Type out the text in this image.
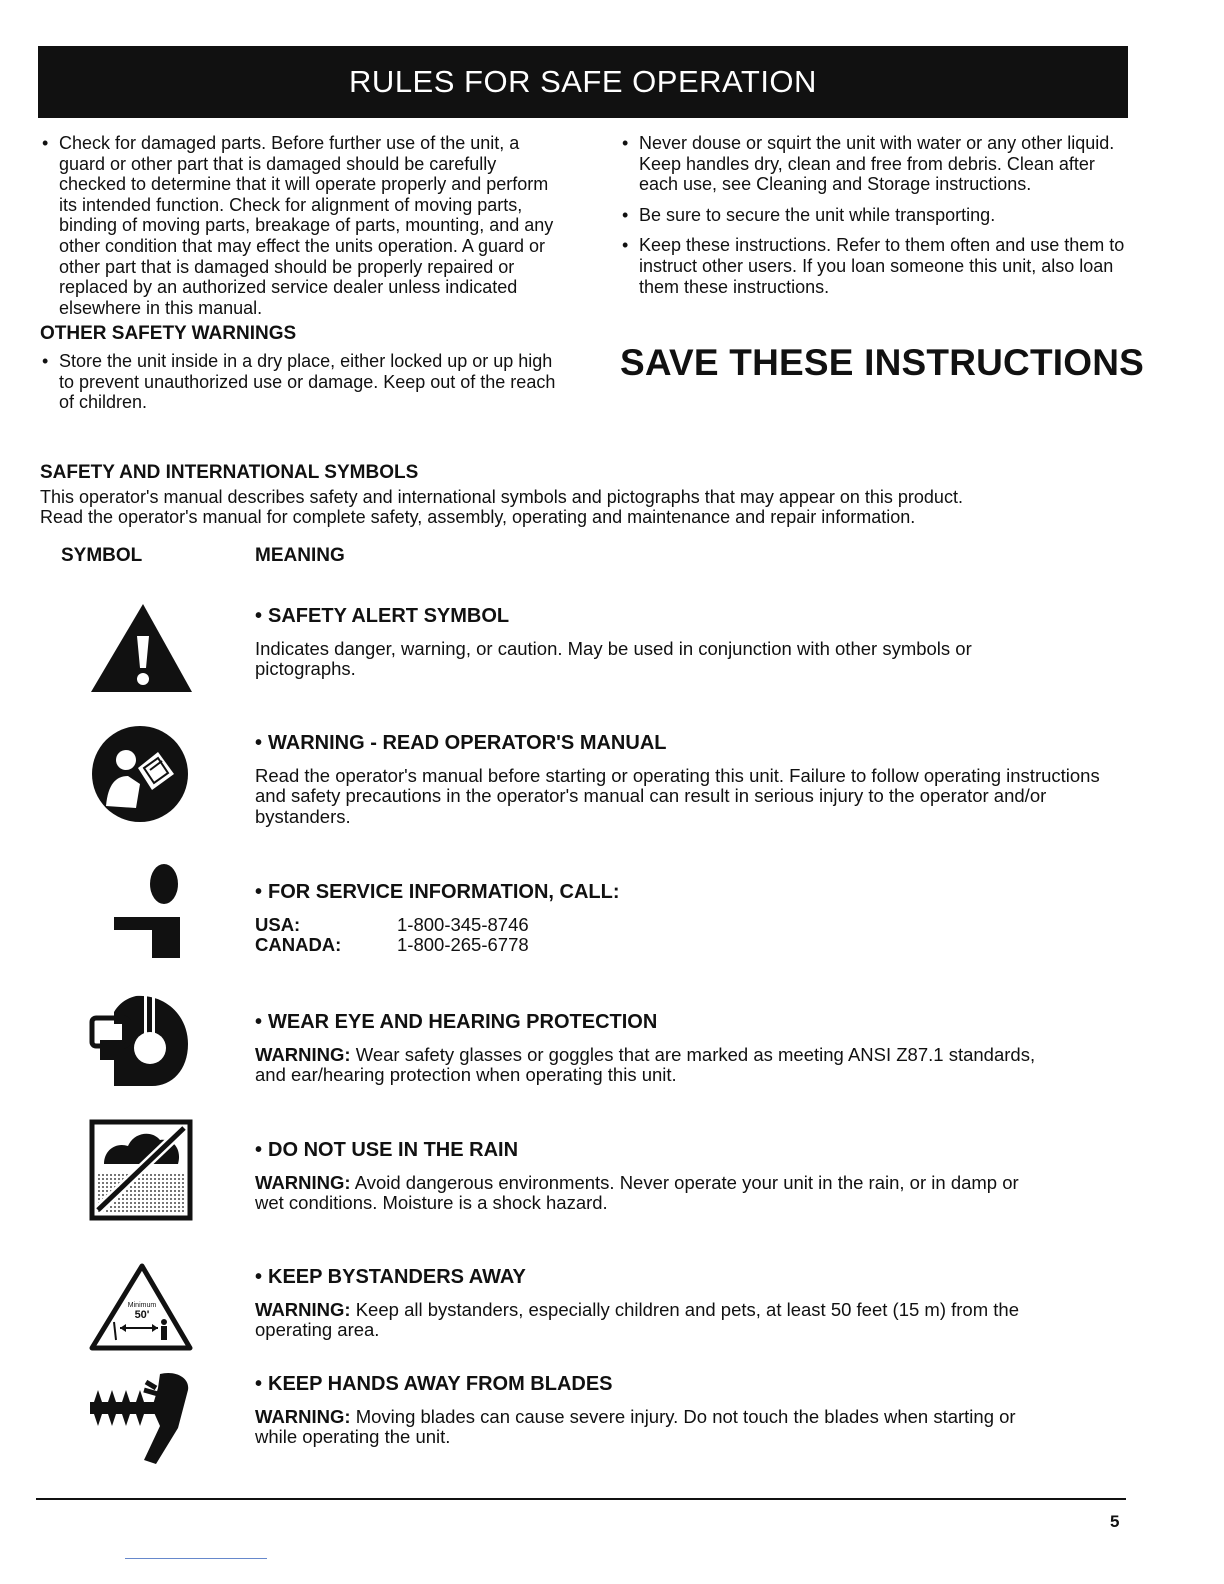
RULES FOR SAFE OPERATION
• Check for damaged parts. Before further use of the unit, a guard or other part that is damaged should be carefully checked to determine that it will operate properly and perform its intended function. Check for alignment of moving parts, binding of moving parts, breakage of parts, mounting, and any other condition that may effect the units operation. A guard or other part that is damaged should be properly repaired or replaced by an authorized service dealer unless indicated elsewhere in this manual.
OTHER SAFETY WARNINGS
• Store the unit inside in a dry place, either locked up or up high to prevent unauthorized use or damage. Keep out of the reach of children.
• Never douse or squirt the unit with water or any other liquid. Keep handles dry, clean and free from debris. Clean after each use, see Cleaning and Storage instructions.
• Be sure to secure the unit while transporting.
• Keep these instructions. Refer to them often and use them to instruct other users. If you loan someone this unit, also loan them these instructions.
SAVE THESE INSTRUCTIONS
SAFETY AND INTERNATIONAL SYMBOLS
This operator's manual describes safety and international symbols and pictographs that may appear on this product.
Read the operator's manual for complete safety, assembly, operating and maintenance and repair information.
SYMBOL	MEANING
Minimum
50'
• SAFETY ALERT SYMBOL
Indicates danger, warning, or caution. May be used in conjunction with other symbols or pictographs.
• WARNING - READ OPERATOR'S MANUAL
Read the operator's manual before starting or operating this unit. Failure to follow operating instructions and safety precautions in the operator's manual can result in serious injury to the operator and/or bystanders.
• FOR SERVICE INFORMATION, CALL:
USA:	1-800-345-8746
CANADA:	1-800-265-6778
• WEAR EYE AND HEARING PROTECTION
WARNING: Wear safety glasses or goggles that are marked as meeting ANSI Z87.1 standards, and ear/hearing protection when operating this unit.
• DO NOT USE IN THE RAIN
WARNING: Avoid dangerous environments. Never operate your unit in the rain, or in damp or wet conditions. Moisture is a shock hazard.
• KEEP BYSTANDERS AWAY
WARNING: Keep all bystanders, especially children and pets, at least 50 feet (15 m) from the operating area.
• KEEP HANDS AWAY FROM BLADES
WARNING: Moving blades can cause severe injury. Do not touch the blades when starting or while operating the unit.
5
